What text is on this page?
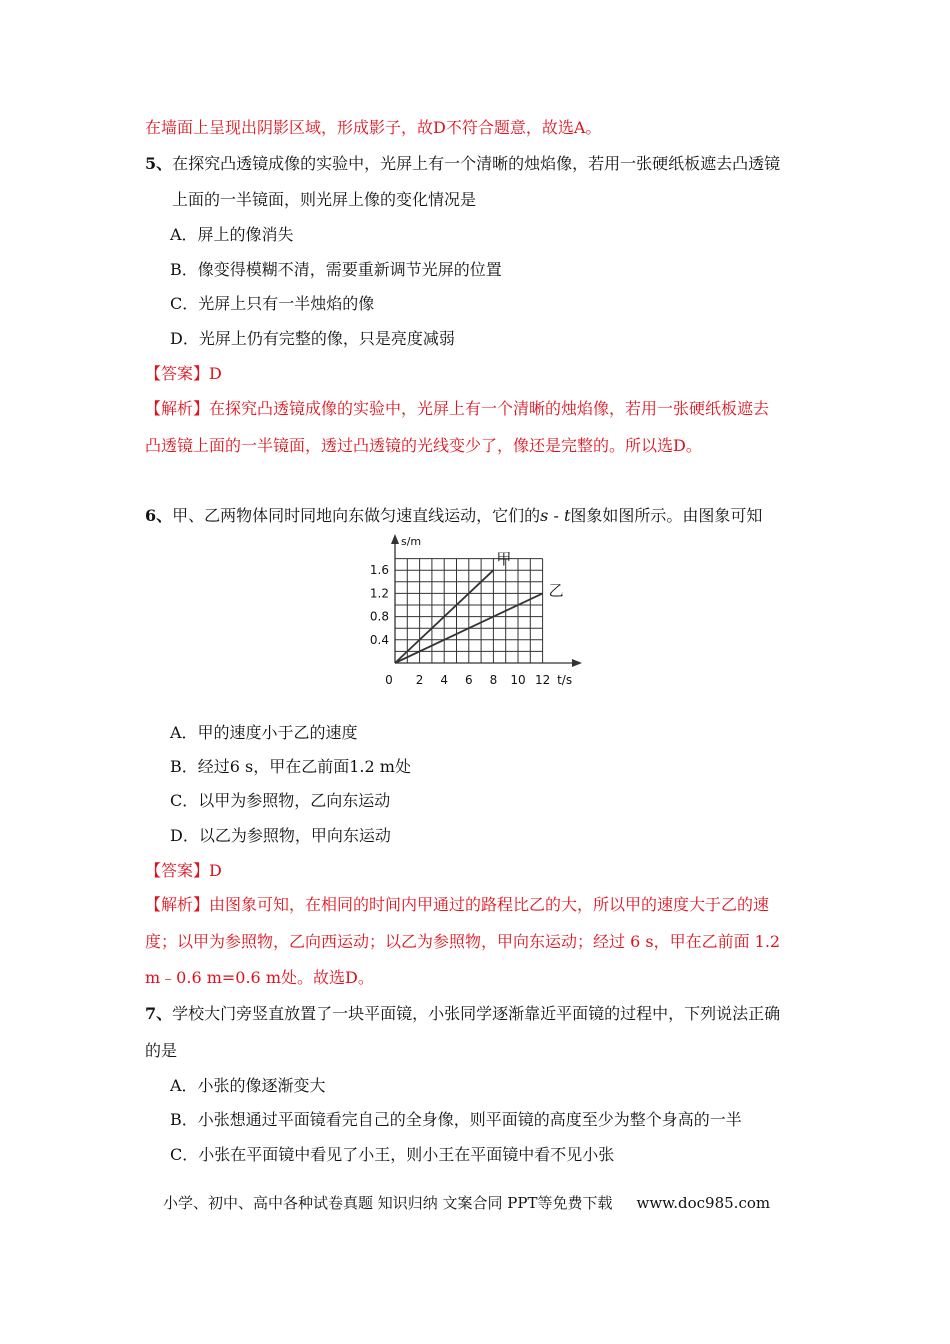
在墙面上呈现出阴影区域，形成影子，故D不符合题意，故选A。
5、在探究凸透镜成像的实验中，光屏上有一个清晰的烛焰像，若用一张硬纸板遮去凸透镜
上面的一半镜面，则光屏上像的变化情况是
A．屏上的像消失
B．像变得模糊不清，需要重新调节光屏的位置
C．光屏上只有一半烛焰的像
D．光屏上仍有完整的像，只是亮度减弱
【答案】D
【解析】在探究凸透镜成像的实验中，光屏上有一个清晰的烛焰像，若用一张硬纸板遮去
凸透镜上面的一半镜面，透过凸透镜的光线变少了，像还是完整的。所以选D。
6、甲、乙两物体同时同地向东做匀速直线运动，它们的s - t图象如图所示。由图象可知
甲
乙
0.4
0.8
1.2
1.6
0 2 4 6 8 10 12
s/m
t/s
A．甲的速度小于乙的速度
B．经过6 s，甲在乙前面1.2 m处
C．以甲为参照物，乙向东运动
D．以乙为参照物，甲向东运动
【答案】D
【解析】由图象可知，在相同的时间内甲通过的路程比乙的大，所以甲的速度大于乙的速
度；以甲为参照物，乙向西运动；以乙为参照物，甲向东运动；经过 6 s，甲在乙前面 1.2
m﹣0.6 m=0.6 m处。故选D。
7、学校大门旁竖直放置了一块平面镜，小张同学逐渐靠近平面镜的过程中，下列说法正确
的是
A．小张的像逐渐变大
B．小张想通过平面镜看完自己的全身像，则平面镜的高度至少为整个身高的一半
C．小张在平面镜中看见了小王，则小王在平面镜中看不见小张
小学、初中、高中各种试卷真题 知识归纳 文案合同 PPT等免费下载 www.doc985.com
